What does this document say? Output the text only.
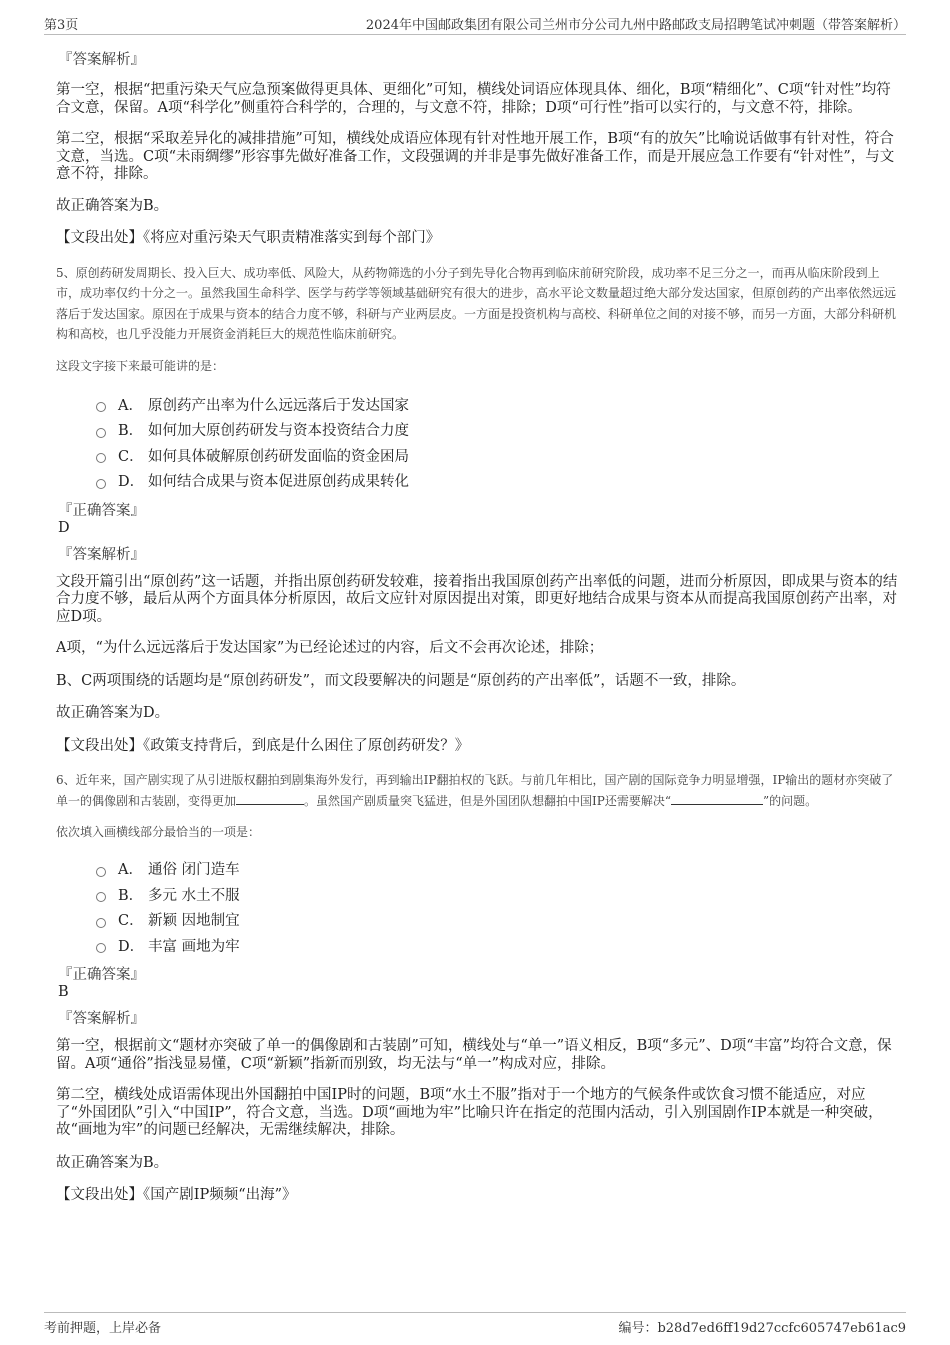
第3页	2024年中国邮政集团有限公司兰州市分公司九州中路邮政支局招聘笔试冲刺题（带答案解析）
『答案解析』

第一空，根据“把重污染天气应急预案做得更具体、更细化”可知，横线处词语应体现具体、细化，B项“精细化”、C项“针对性”均符合文意，保留。A项“科学化”侧重符合科学的，合理的，与文意不符，排除；D项“可行性”指可以实行的，与文意不符，排除。

第二空，根据“采取差异化的减排措施”可知，横线处成语应体现有针对性地开展工作，B项“有的放矢”比喻说话做事有针对性，符合文意，当选。C项“未雨绸缪”形容事先做好准备工作，文段强调的并非是事先做好准备工作，而是开展应急工作要有“针对性”，与文意不符，排除。

故正确答案为B。

【文段出处】《将应对重污染天气职责精准落实到每个部门》

5、原创药研发周期长、投入巨大、成功率低、风险大，从药物筛选的小分子到先导化合物再到临床前研究阶段，成功率不足三分之一，而再从临床阶段到上市，成功率仅约十分之一。虽然我国生命科学、医学与药学等领域基础研究有很大的进步，高水平论文数量超过绝大部分发达国家，但原创药的产出率依然远远落后于发达国家。原因在于成果与资本的结合力度不够，科研与产业两层皮。一方面是投资机构与高校、科研单位之间的对接不够，而另一方面，大部分科研机构和高校，也几乎没能力开展资金消耗巨大的规范性临床前研究。

这段文字接下来最可能讲的是：
A． 原创药产出率为什么远远落后于发达国家
B． 如何加大原创药研发与资本投资结合力度
C． 如何具体破解原创药研发面临的资金困局
D． 如何结合成果与资本促进原创药成果转化
『正确答案』
D
『答案解析』

文段开篇引出“原创药”这一话题，并指出原创药研发较难，接着指出我国原创药产出率低的问题，进而分析原因，即成果与资本的结合力度不够，最后从两个方面具体分析原因，故后文应针对原因提出对策，即更好地结合成果与资本从而提高我国原创药产出率，对应D项。

A项，“为什么远远落后于发达国家”为已经论述过的内容，后文不会再次论述，排除；

B、C两项围绕的话题均是“原创药研发”，而文段要解决的问题是“原创药的产出率低”，话题不一致，排除。

故正确答案为D。

【文段出处】《政策支持背后，到底是什么困住了原创药研发？》

6、近年来，国产剧实现了从引进版权翻拍到剧集海外发行，再到输出IP翻拍权的飞跃。与前几年相比，国产剧的国际竞争力明显增强，IP输出的题材亦突破了单一的偶像剧和古装剧，变得更加	。虽然国产剧质量突飞猛进，但是外国团队想翻拍中国IP还需要解决“	”的问题。

依次填入画横线部分最恰当的一项是：
A． 通俗 闭门造车
B． 多元 水土不服
C． 新颖 因地制宜
D． 丰富 画地为牢
『正确答案』
B
『答案解析』

第一空，根据前文“题材亦突破了单一的偶像剧和古装剧”可知，横线处与“单一”语义相反，B项“多元”、D项“丰富”均符合文意，保留。A项“通俗”指浅显易懂，C项“新颖”指新而别致，均无法与“单一”构成对应，排除。

第二空，横线处成语需体现出外国翻拍中国IP时的问题，B项“水土不服”指对于一个地方的气候条件或饮食习惯不能适应，对应了“外国团队”引入“中国IP”，符合文意，当选。D项“画地为牢”比喻只许在指定的范围内活动，引入别国剧作IP本就是一种突破，故“画地为牢”的问题已经解决，无需继续解决，排除。

故正确答案为B。

【文段出处】《国产剧IP频频“出海”》

考前押题，上岸必备	编号：b28d7ed6ff19d27ccfc605747eb61ac9
